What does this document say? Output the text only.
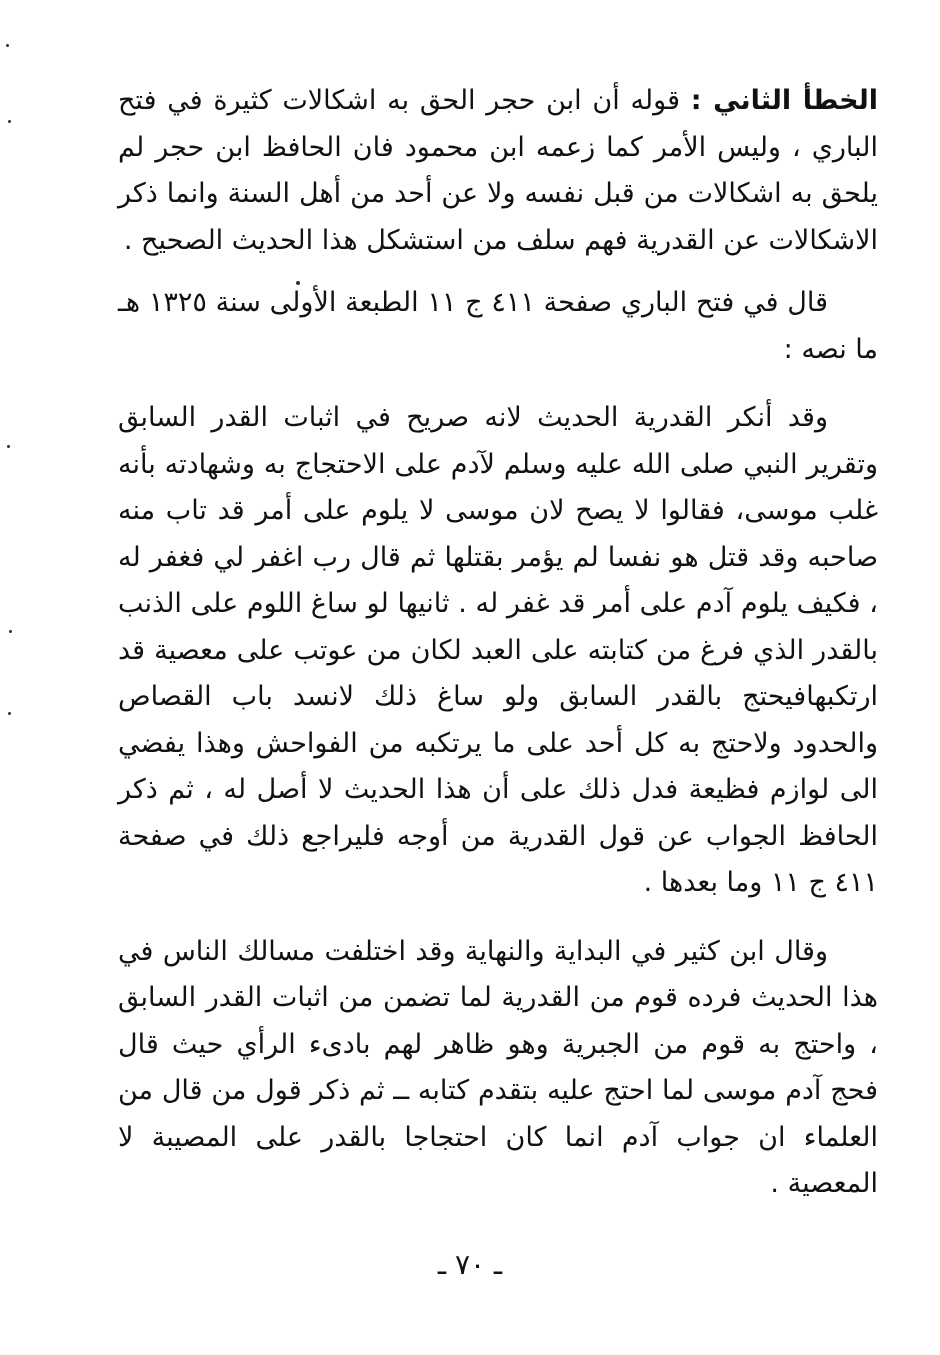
الخطأ الثاني : قوله أن ابن حجر الحق به اشكالات كثيرة في فتح الباري ، وليس الأمر كما زعمه ابن محمود فان الحافظ ابن حجر لم يلحق به اشكالات من قبل نفسه ولا عن أحد من أهل السنة وانما ذكر الاشكالات عن القدرية فهم سلف من استشكل هذا الحديث الصحيح .

قال في فتح الباري صفحة ٤١١ ج ١١ الطبعة الأولى سنة ١٣٢٥ هـ ما نصه :

وقد أنكر القدرية الحديث لانه صريح في اثبات القدر السابق وتقرير النبي صلى الله عليه وسلم لآدم على الاحتجاج به وشهادته بأنه غلب موسى، فقالوا لا يصح لان موسى لا يلوم على أمر قد تاب منه صاحبه وقد قتل هو نفسا لم يؤمر بقتلها ثم قال رب اغفر لي فغفر له ، فكيف يلوم آدم على أمر قد غفر له . ثانيها لو ساغ اللوم على الذنب بالقدر الذي فرغ من كتابته على العبد لكان من عوتب على معصية قد ارتكبهافيحتج بالقدر السابق ولو ساغ ذلك لانسد باب القصاص والحدود ولاحتج به كل أحد على ما يرتكبه من الفواحش وهذا يفضي الى لوازم فظيعة فدل ذلك على أن هذا الحديث لا أصل له ، ثم ذكر الحافظ الجواب عن قول القدرية من أوجه فليراجع ذلك في صفحة ٤١١ ج ١١ وما بعدها .

وقال ابن كثير في البداية والنهاية وقد اختلفت مسالك الناس في هذا الحديث فرده قوم من القدرية لما تضمن من اثبات القدر السابق ، واحتج به قوم من الجبرية وهو ظاهر لهم بادىء الرأي حيث قال فحج آدم موسى لما احتج عليه بتقدم كتابه ــ ثم ذكر قول من قال من العلماء ان جواب آدم انما كان احتجاجا بالقدر على المصيبة لا المعصية .

ـ ٧٠ ـ
